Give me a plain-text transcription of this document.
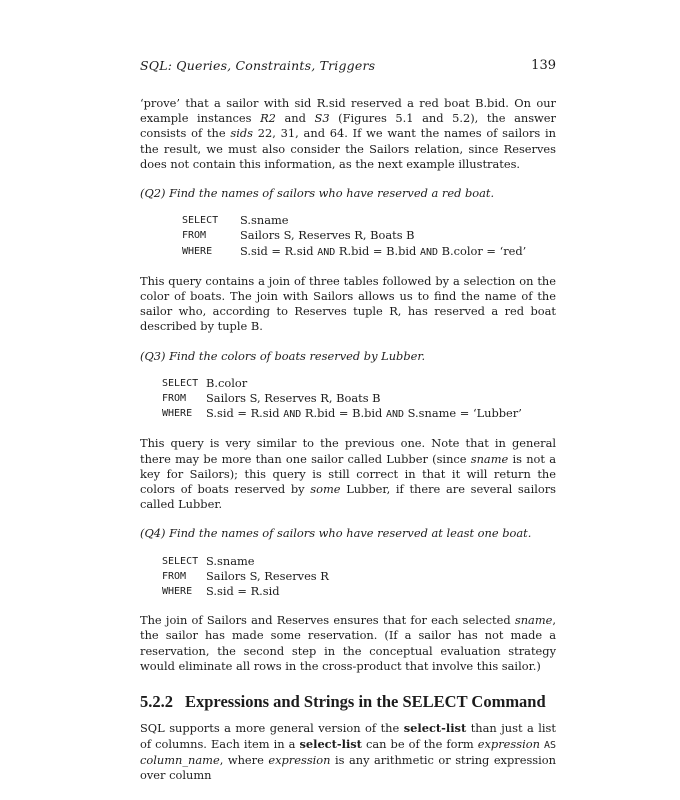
SQL: Queries, Constraints, Triggers	139

‘prove’ that a sailor with sid R.sid reserved a red boat B.bid. On our example instances R2 and S3 (Figures 5.1 and 5.2), the answer consists of the sids 22, 31, and 64. If we want the names of sailors in the result, we must also consider the Sailors relation, since Reserves does not contain this information, as the next example illustrates.

(Q2) Find the names of sailors who have reserved a red boat.

SELECT	S.sname
FROM	Sailors S, Reserves R, Boats B
WHERE	S.sid = R.sid AND R.bid = B.bid AND B.color = ‘red’

This query contains a join of three tables followed by a selection on the color of boats. The join with Sailors allows us to find the name of the sailor who, according to Reserves tuple R, has reserved a red boat described by tuple B.

(Q3) Find the colors of boats reserved by Lubber.

SELECT B.color
FROM	Sailors S, Reserves R, Boats B
WHERE	S.sid = R.sid AND R.bid = B.bid AND S.sname = ‘Lubber’

This query is very similar to the previous one. Note that in general there may be more than one sailor called Lubber (since sname is not a key for Sailors); this query is still correct in that it will return the colors of boats reserved by some Lubber, if there are several sailors called Lubber.

(Q4) Find the names of sailors who have reserved at least one boat.

SELECT S.sname
FROM	Sailors S, Reserves R
WHERE	S.sid = R.sid

The join of Sailors and Reserves ensures that for each selected sname, the sailor has made some reservation. (If a sailor has not made a reservation, the second step in the conceptual evaluation strategy would eliminate all rows in the cross-product that involve this sailor.)

5.2.2 Expressions and Strings in the SELECT Command

SQL supports a more general version of the select-list than just a list of columns. Each item in a select-list can be of the form expression AS column_name, where expression is any arithmetic or string expression over column
